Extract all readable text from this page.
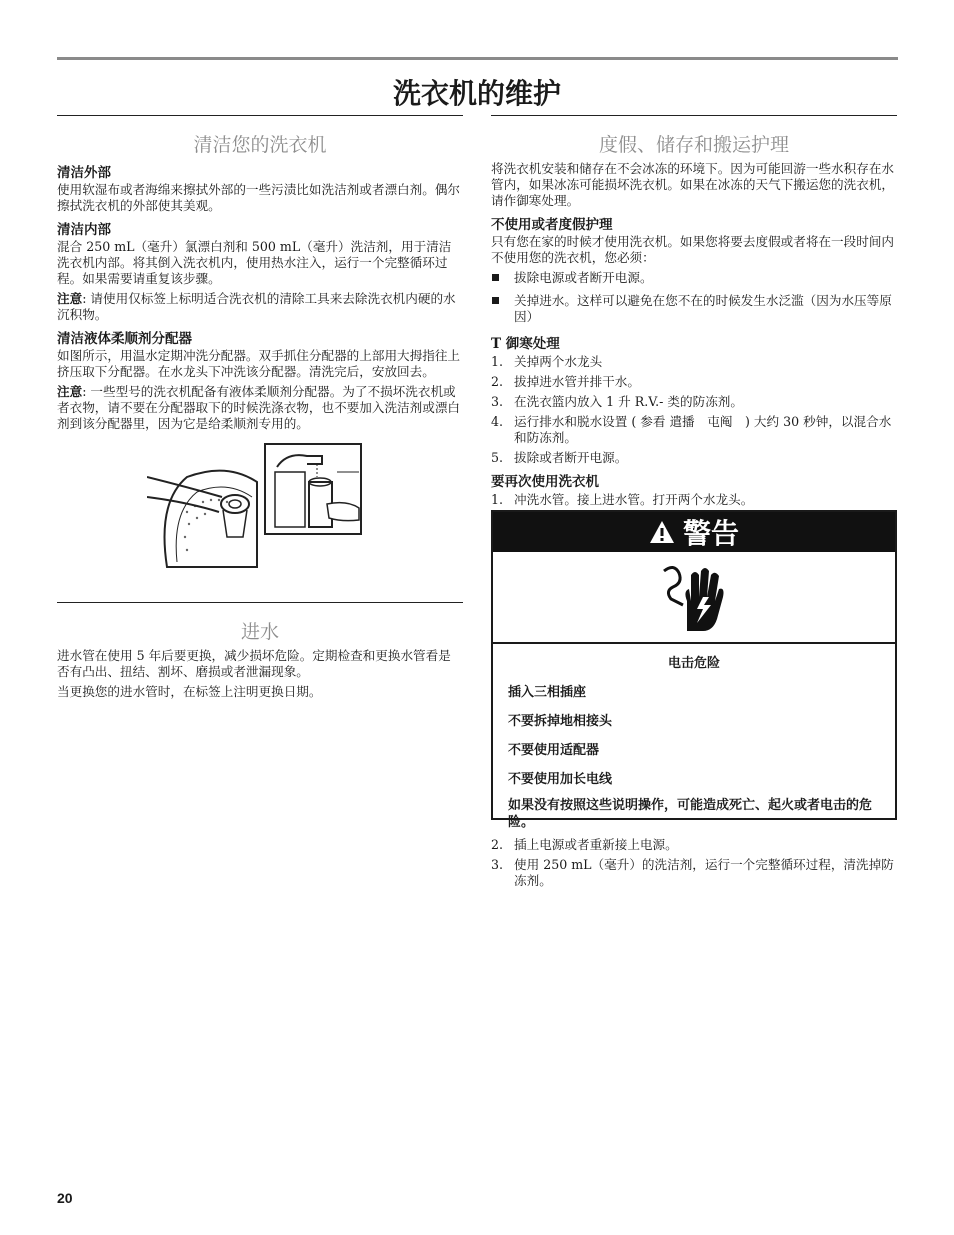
洗衣机的维护
清洁您的洗衣机
清洁外部

使用软湿布或者海绵来擦拭外部的一些污渍比如洗洁剂或者漂白剂。偶尔擦拭洗衣机的外部使其美观。

清洁内部

混合 250 mL（毫升）氯漂白剂和 500 mL（毫升）洗洁剂，用于清洁洗衣机内部。将其倒入洗衣机内，使用热水注入，运行一个完整循环过程。如果需要请重复该步骤。

注意: 请使用仅标签上标明适合洗衣机的清除工具来去除洗衣机内硬的水沉积物。

清洁液体柔顺剂分配器

如图所示，用温水定期冲洗分配器。双手抓住分配器的上部用大拇指往上挤压取下分配器。在水龙头下冲洗该分配器。清洗完后，安放回去。

注意: 一些型号的洗衣机配备有液体柔顺剂分配器。为了不损坏洗衣机或者衣物，请不要在分配器取下的时候洗涤衣物，也不要加入洗洁剂或漂白剂到该分配器里，因为它是给柔顺剂专用的。

进水

进水管在使用 5 年后要更换，减少损坏危险。定期检查和更换水管看是否有凸出、扭结、割坏、磨损或者泄漏现象。

当更换您的进水管时，在标签上注明更换日期。

度假、储存和搬运护理

将洗衣机安装和储存在不会冰冻的环境下。因为可能回游一些水积存在水管内，如果冰冻可能损坏洗衣机。如果在冰冻的天气下搬运您的洗衣机，请作御寒处理。

不使用或者度假护理

只有您在家的时候才使用洗衣机。如果您将要去度假或者将在一段时间内不使用您的洗衣机，您必须：

拔除电源或者断开电源。
关掉进水。这样可以避免在您不在的时候发生水泛滥（因为水压等原因）
T 御寒处理
1. 关掉两个水龙头
2. 拔掉进水管并排干水。
3. 在洗衣篮内放入 1 升 R.V.- 类的防冻剂。
4. 运行排水和脱水设置 ( 参看 遣播　屯阄　) 大约 30 秒钟，以混合水和防冻剂。
5. 拔除或者断开电源。
要再次使用洗衣机
1. 冲洗水管。接上进水管。打开两个水龙头。
警告
电击危险
插入三相插座
不要拆掉地相接头
不要使用适配器
不要使用加长电线
如果没有按照这些说明操作，可能造成死亡、起火或者电击的危险。
2. 插上电源或者重新接上电源。
3. 使用 250 mL（毫升）的洗洁剂，运行一个完整循环过程，清洗掉防冻剂。
20
